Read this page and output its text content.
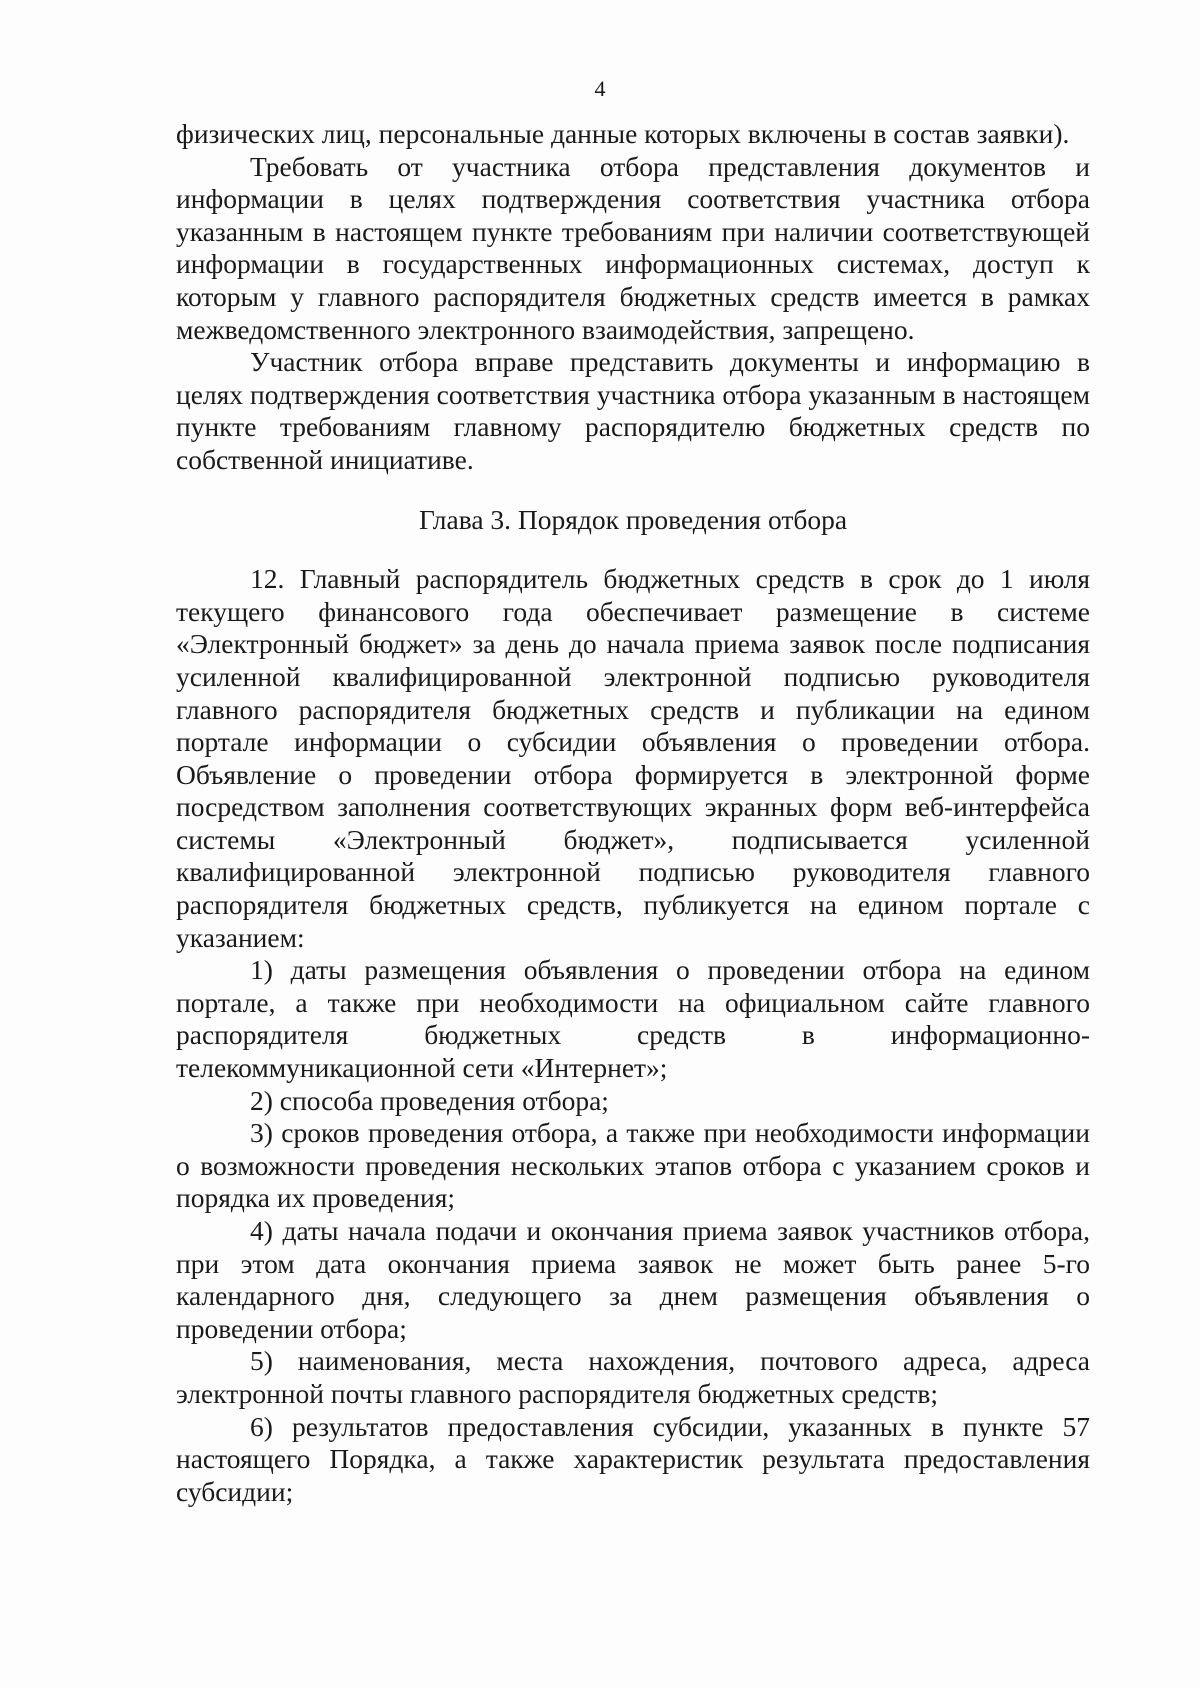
4

физических лиц, персональные данные которых включены в состав заявки).

Требовать от участника отбора представления документов и информации в целях подтверждения соответствия участника отбора указанным в настоящем пункте требованиям при наличии соответствующей информации в государственных информационных системах, доступ к которым у главного распорядителя бюджетных средств имеется в рамках межведомственного электронного взаимодействия, запрещено.

Участник отбора вправе представить документы и информацию в целях подтверждения соответствия участника отбора указанным в настоящем пункте требованиям главному распорядителю бюджетных средств по собственной инициативе.

Глава 3. Порядок проведения отбора

12. Главный распорядитель бюджетных средств в срок до 1 июля текущего финансового года обеспечивает размещение в системе «Электронный бюджет» за день до начала приема заявок после подписания усиленной квалифицированной электронной подписью руководителя главного распорядителя бюджетных средств и публикации на едином портале информации о субсидии объявления о проведении отбора. Объявление о проведении отбора формируется в электронной форме посредством заполнения соответствующих экранных форм веб-интерфейса системы «Электронный бюджет», подписывается усиленной квалифицированной электронной подписью руководителя главного распорядителя бюджетных средств, публикуется на едином портале с указанием:

1) даты размещения объявления о проведении отбора на едином портале, а также при необходимости на официальном сайте главного распорядителя бюджетных средств в информационно-телекоммуникационной сети «Интернет»;

2) способа проведения отбора;

3) сроков проведения отбора, а также при необходимости информации о возможности проведения нескольких этапов отбора с указанием сроков и порядка их проведения;

4) даты начала подачи и окончания приема заявок участников отбора, при этом дата окончания приема заявок не может быть ранее 5-го календарного дня, следующего за днем размещения объявления о проведении отбора;

5) наименования, места нахождения, почтового адреса, адреса электронной почты главного распорядителя бюджетных средств;

6) результатов предоставления субсидии, указанных в пункте 57 настоящего Порядка, а также характеристик результата предоставления субсидии;
